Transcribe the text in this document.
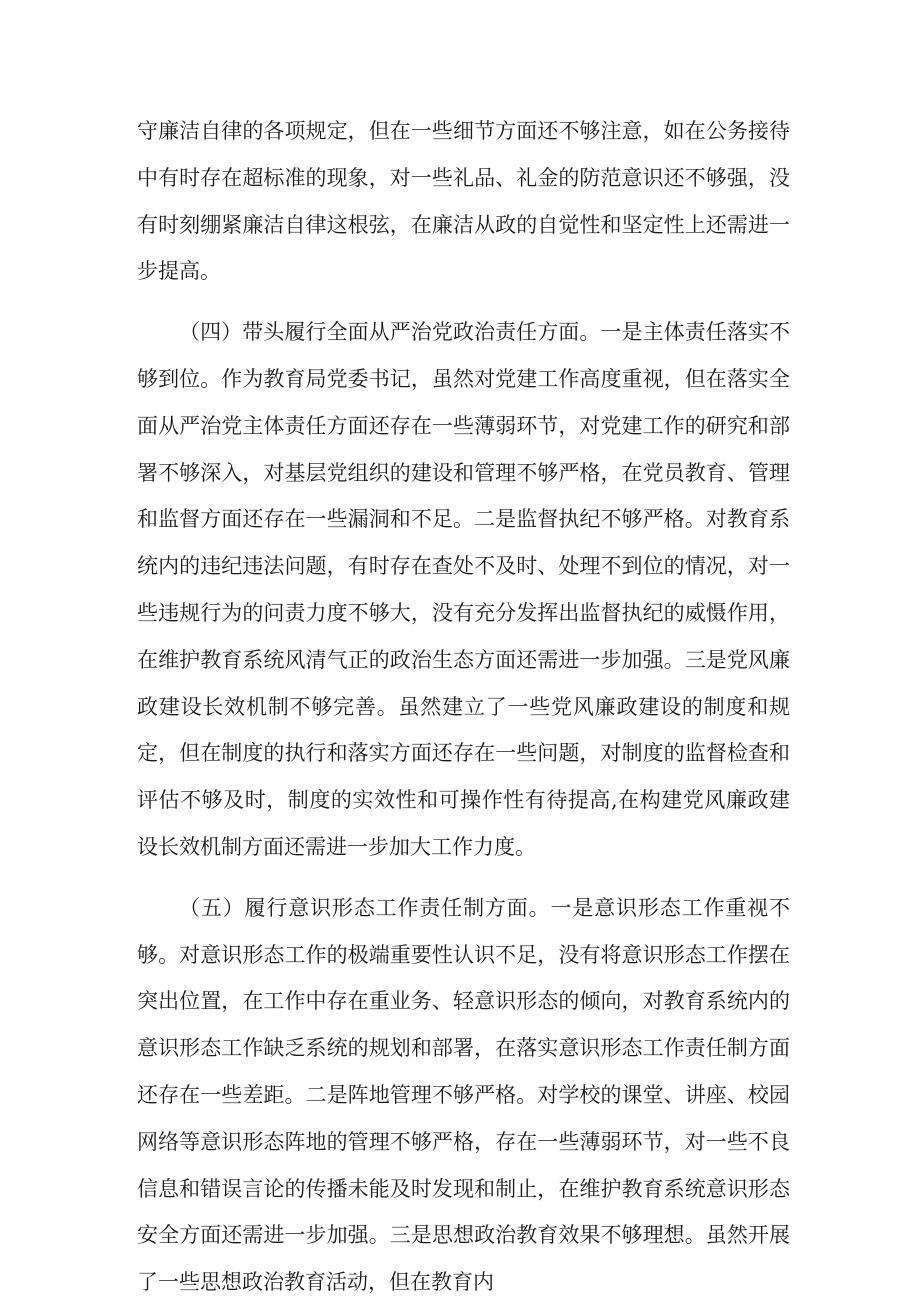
守廉洁自律的各项规定，但在一些细节方面还不够注意，如在公务接待中有时存在超标准的现象，对一些礼品、礼金的防范意识还不够强，没有时刻绷紧廉洁自律这根弦，在廉洁从政的自觉性和坚定性上还需进一步提高。

（四）带头履行全面从严治党政治责任方面。一是主体责任落实不够到位。作为教育局党委书记，虽然对党建工作高度重视，但在落实全面从严治党主体责任方面还存在一些薄弱环节，对党建工作的研究和部署不够深入，对基层党组织的建设和管理不够严格，在党员教育、管理和监督方面还存在一些漏洞和不足。二是监督执纪不够严格。对教育系统内的违纪违法问题，有时存在查处不及时、处理不到位的情况，对一些违规行为的问责力度不够大，没有充分发挥出监督执纪的威慑作用，在维护教育系统风清气正的政治生态方面还需进一步加强。三是党风廉政建设长效机制不够完善。虽然建立了一些党风廉政建设的制度和规定，但在制度的执行和落实方面还存在一些问题，对制度的监督检查和评估不够及时，制度的实效性和可操作性有待提高,在构建党风廉政建设长效机制方面还需进一步加大工作力度。

（五）履行意识形态工作责任制方面。一是意识形态工作重视不够。对意识形态工作的极端重要性认识不足，没有将意识形态工作摆在突出位置，在工作中存在重业务、轻意识形态的倾向，对教育系统内的意识形态工作缺乏系统的规划和部署，在落实意识形态工作责任制方面还存在一些差距。二是阵地管理不够严格。对学校的课堂、讲座、校园网络等意识形态阵地的管理不够严格，存在一些薄弱环节，对一些不良信息和错误言论的传播未能及时发现和制止，在维护教育系统意识形态安全方面还需进一步加强。三是思想政治教育效果不够理想。虽然开展了一些思想政治教育活动，但在教育内
